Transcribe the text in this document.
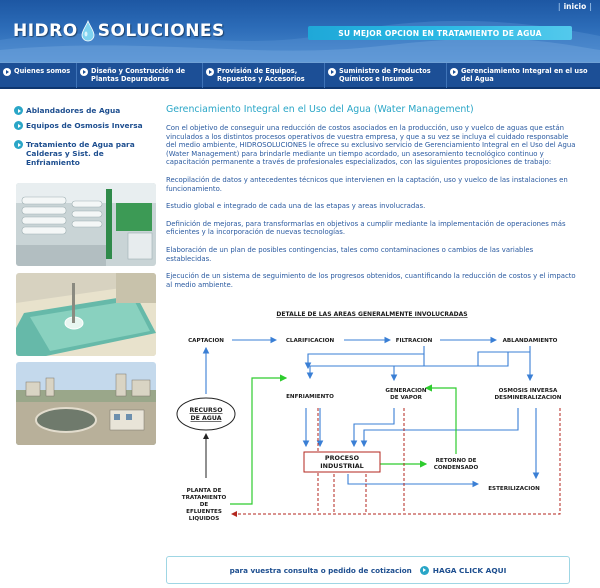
HIDRO SOLUCIONES
| inicio |
SU MEJOR OPCION EN TRATAMIENTO DE AGUA
Quienes somos	Diseño y Construcción de Plantas Depuradoras
Provisión de Equipos, Repuestos y Accesorios
Suministro de Productos Químicos e Insumos
Gerenciamiento Integral en el uso del Agua
Ablandadores de Agua
Equipos de Osmosis Inversa
Tratamiento de Agua para Calderas y Sist. de Enfriamiento
Gerenciamiento Integral en el Uso del Agua (Water Management)

Con el objetivo de conseguir una reducción de costos asociados en la producción, uso y vuelco de aguas que están vinculados a los distintos procesos operativos de vuestra empresa, y que a su vez se incluya el cuidado responsable del medio ambiente, HIDROSOLUCIONES le ofrece su exclusivo servicio de Gerenciamiento Integral en el Uso del Agua (Water Management) para brindarle mediante un tiempo acordado, un asesoramiento tecnológico continuo y capacitación permanente a través de profesionales especializados, con las siguientes proposiciones de trabajo:

Recopilación de datos y antecedentes técnicos que intervienen en la captación, uso y vuelco de las instalaciones en funcionamiento.

Estudio global e integrado de cada una de las etapas y areas involucradas.

Definición de mejoras, para transformarlas en objetivos a cumplir mediante la implementación de operaciones más eficientes y la incorporación de nuevas tecnologías.

Elaboración de un plan de posibles contingencias, tales como contaminaciones o cambios de las variables establecidas.

Ejecución de un sistema de seguimiento de los progresos obtenidos, cuantificando la reducción de costos y el impacto al medio ambiente.

DETALLE DE LAS AREAS GENERALMENTE INVOLUCRADAS
CAPTACION	CLARIFICACION	FILTRACION	ABLANDAMIENTO
RECURSO
DE AGUA
ENFRIAMIENTO
GENERACION
DE VAPOR
OSMOSIS INVERSA
DESMINERALIZACION
PROCESO
INDUSTRIAL
RETORNO DE
CONDENSADO
ESTERILIZACION
PLANTA DE
TRATAMIENTO
DE
EFLUENTES
LIQUIDOS
para vuestra consulta o pedido de cotizacion	HAGA CLICK AQUI
